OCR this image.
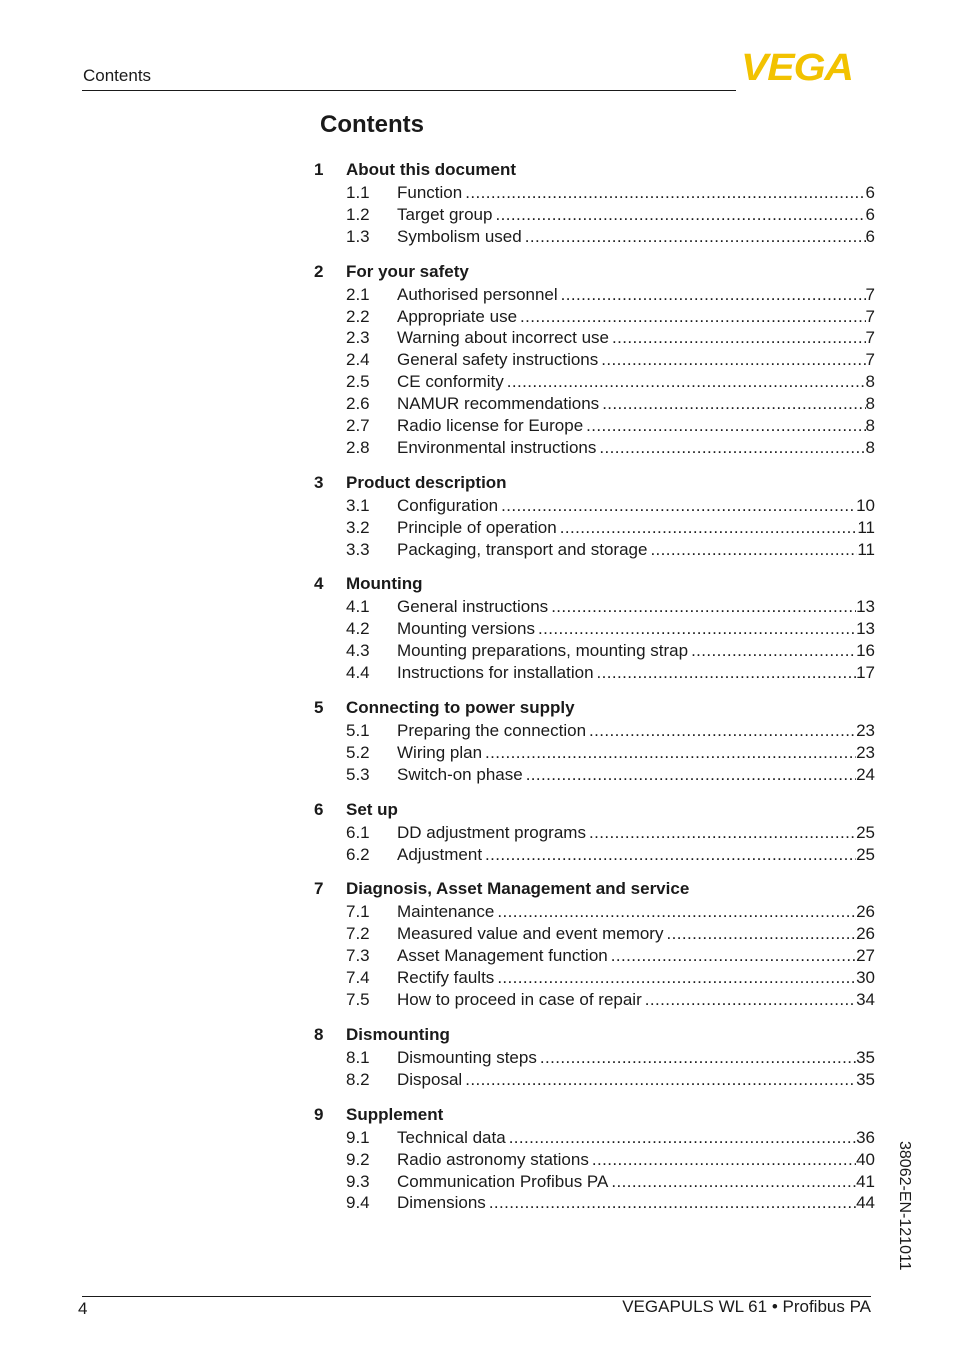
Contents	VEGA
Contents
1	About this document
1.1	Function .....	6
1.2	Target group .....	6
1.3	Symbolism used .....	6
2	For your safety
2.1	Authorised personnel .....	7
2.2	Appropriate use .....	7
2.3	Warning about incorrect use .....	7
2.4	General safety instructions .....	7
2.5	CE conformity .....	8
2.6	NAMUR recommendations .....	8
2.7	Radio license for Europe .....	8
2.8	Environmental instructions .....	8
3	Product description
3.1	Configuration .....	10
3.2	Principle of operation .....	11
3.3	Packaging, transport and storage .....	11
4	Mounting
4.1	General instructions .....	13
4.2	Mounting versions .....	13
4.3	Mounting preparations, mounting strap .....	16
4.4	Instructions for installation .....	17
5	Connecting to power supply
5.1	Preparing the connection .....	23
5.2	Wiring plan .....	23
5.3	Switch-on phase .....	24
6	Set up
6.1	DD adjustment programs .....	25
6.2	Adjustment .....	25
7	Diagnosis, Asset Management and service
7.1	Maintenance .....	26
7.2	Measured value and event memory .....	26
7.3	Asset Management function .....	27
7.4	Rectify faults .....	30
7.5	How to proceed in case of repair .....	34
8	Dismounting
8.1	Dismounting steps .....	35
8.2	Disposal .....	35
9	Supplement
9.1	Technical data .....	36
9.2	Radio astronomy stations .....	40
9.3	Communication Profibus PA .....	41
9.4	Dimensions .....	44 38062-EN-121011
4	VEGAPULS WL 61 • Profibus PA
